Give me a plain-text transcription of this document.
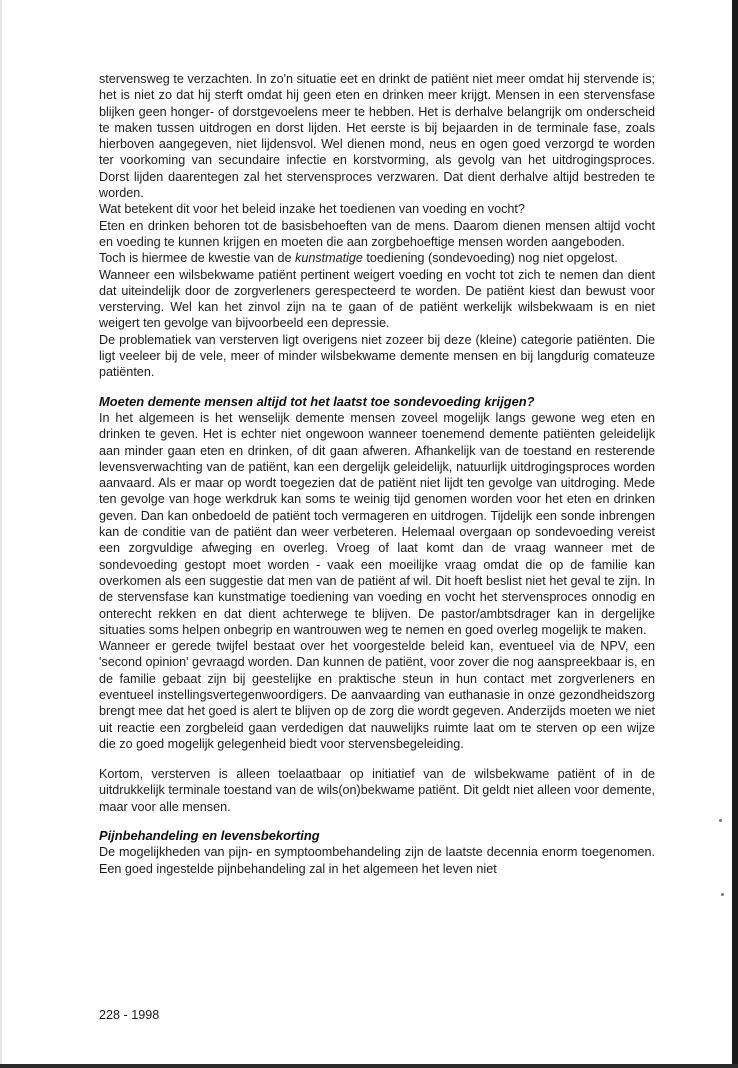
stervensweg te verzachten. In zo'n situatie eet en drinkt de patiënt niet meer omdat hij stervende is; het is niet zo dat hij sterft omdat hij geen eten en drinken meer krijgt. Mensen in een stervensfase blijken geen honger- of dorstgevoelens meer te hebben. Het is derhalve belangrijk om onderscheid te maken tussen uitdrogen en dorst lijden. Het eerste is bij bejaarden in de terminale fase, zoals hierboven aangegeven, niet lijdensvol. Wel dienen mond, neus en ogen goed verzorgd te worden ter voorkoming van secundaire infectie en korstvorming, als gevolg van het uitdrogingsproces. Dorst lijden daarentegen zal het stervensproces verzwaren. Dat dient derhalve altijd bestreden te worden.

Wat betekent dit voor het beleid inzake het toedienen van voeding en vocht?

Eten en drinken behoren tot de basisbehoeften van de mens. Daarom dienen mensen altijd vocht en voeding te kunnen krijgen en moeten die aan zorgbehoeftige mensen worden aangeboden.

Toch is hiermee de kwestie van de kunstmatige toediening (sondevoeding) nog niet opgelost.

Wanneer een wilsbekwame patiënt pertinent weigert voeding en vocht tot zich te nemen dan dient dat uiteindelijk door de zorgverleners gerespecteerd te worden. De patiënt kiest dan bewust voor versterving. Wel kan het zinvol zijn na te gaan of de patiënt werkelijk wilsbekwaam is en niet weigert ten gevolge van bijvoorbeeld een depressie.

De problematiek van versterven ligt overigens niet zozeer bij deze (kleine) categorie patiënten. Die ligt veeleer bij de vele, meer of minder wilsbekwame demente mensen en bij langdurig comateuze patiënten.

Moeten demente mensen altijd tot het laatst toe sondevoeding krijgen?

In het algemeen is het wenselijk demente mensen zoveel mogelijk langs gewone weg eten en drinken te geven. Het is echter niet ongewoon wanneer toenemend demente patiënten geleidelijk aan minder gaan eten en drinken, of dit gaan afweren. Afhankelijk van de toestand en resterende levensverwachting van de patiënt, kan een dergelijk geleidelijk, natuurlijk uitdrogingsproces worden aanvaard. Als er maar op wordt toegezien dat de patiënt niet lijdt ten gevolge van uitdroging. Mede ten gevolge van hoge werkdruk kan soms te weinig tijd genomen worden voor het eten en drinken geven. Dan kan onbedoeld de patiënt toch vermageren en uitdrogen. Tijdelijk een sonde inbrengen kan de conditie van de patiënt dan weer verbeteren. Helemaal overgaan op sondevoeding vereist een zorgvuldige afweging en overleg. Vroeg of laat komt dan de vraag wanneer met de sondevoeding gestopt moet worden - vaak een moeilijke vraag omdat die op de familie kan overkomen als een suggestie dat men van de patiënt af wil. Dit hoeft beslist niet het geval te zijn. In de stervensfase kan kunstmatige toediening van voeding en vocht het stervensproces onnodig en onterecht rekken en dat dient achterwege te blijven. De pastor/ambtsdrager kan in dergelijke situaties soms helpen onbegrip en wantrouwen weg te nemen en goed overleg mogelijk te maken.

Wanneer er gerede twijfel bestaat over het voorgestelde beleid kan, eventueel via de NPV, een 'second opinion' gevraagd worden. Dan kunnen de patiënt, voor zover die nog aanspreekbaar is, en de familie gebaat zijn bij geestelijke en praktische steun in hun contact met zorgverleners en eventueel instellingsvertegenwoordigers. De aanvaarding van euthanasie in onze gezondheidszorg brengt mee dat het goed is alert te blijven op de zorg die wordt gegeven. Anderzijds moeten we niet uit reactie een zorgbeleid gaan verdedigen dat nauwelijks ruimte laat om te sterven op een wijze die zo goed mogelijk gelegenheid biedt voor stervensbegeleiding.

Kortom, versterven is alleen toelaatbaar op initiatief van de wilsbekwame patiënt of in de uitdrukkelijk terminale toestand van de wils(on)bekwame patiënt. Dit geldt niet alleen voor demente, maar voor alle mensen.

Pijnbehandeling en levensbekorting

De mogelijkheden van pijn- en symptoombehandeling zijn de laatste decennia enorm toegenomen. Een goed ingestelde pijnbehandeling zal in het algemeen het leven niet

228 - 1998
